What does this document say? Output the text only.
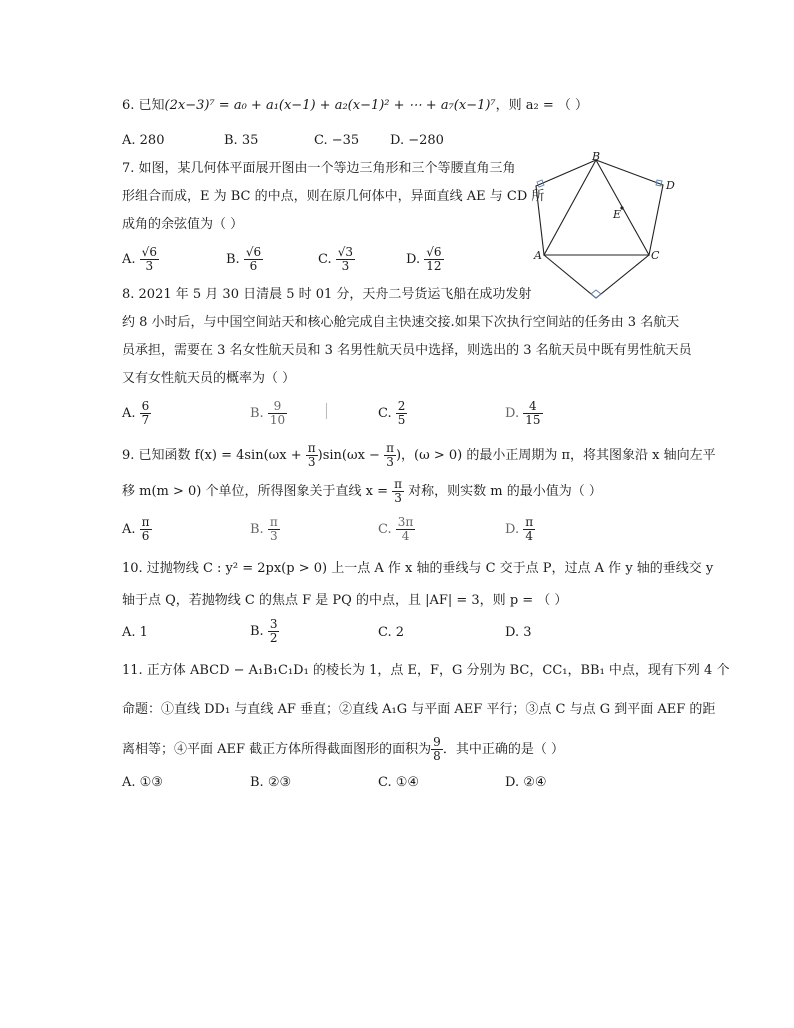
6. 已知(2x−3)⁷ = a₀ + a₁(x−1) + a₂(x−1)² + ⋯ + a₇(x−1)⁷，则 a₂ = （ ）
A. 280	B. 35	C. −35 D. −280
7. 如图，某几何体平面展开图由一个等边三角形和三个等腰直角三角
形组合而成，E 为 BC 的中点，则在原几何体中，异面直线 AE 与 CD 所
成角的余弦值为（ ）
A. $\frac{√6}{3}$	B. $\frac{√6}{6}$	C. $\frac{√3}{3}$	D. $\frac{√6}{12}$
B
D
E
A	C
8. 2021 年 5 月 30 日清晨 5 时 01 分，天舟二号货运飞船在成功发射
约 8 小时后，与中国空间站天和核心舱完成自主快速交接.如果下次执行空间站的任务由 3 名航天
员承担，需要在 3 名女性航天员和 3 名男性航天员中选择，则选出的 3 名航天员中既有男性航天员
又有女性航天员的概率为（ ）
A. $\frac{6}{7}$	B. $\frac{9}{10}$	C. $\frac{2}{5}$	D. $\frac{4}{15}$
9. 已知函数 $f(x) = 4\sin(\omega x + \frac{\pi}{3} )\sin(\omega x - \frac{\pi}{3}$ )，(ω > 0) 的最小正周期为 π，将其图象沿 x 轴向左平
移 m(m > 0) 个单位，所得图象关于直线 $x = \frac{\pi}{3}$ 对称，则实数 m 的最小值为（ ）
A. $\frac{\pi}{6}$	B. $\frac{\pi}{3}$	C. $\frac{3\pi}{4}$	D. $\frac{\pi}{4}$
10. 过抛物线 C : y² = 2px(p > 0) 上一点 A 作 x 轴的垂线与 C 交于点 P，过点 A 作 y 轴的垂线交 y
轴于点 Q，若抛物线 C 的焦点 F 是 PQ 的中点，且 |AF| = 3，则 p = （ ）
A. 1	B. $\frac{3}{2}$	C. 2	D. 3
11. 正方体 ABCD − A₁B₁C₁D₁ 的棱长为 1，点 E，F，G 分别为 BC，CC₁，BB₁ 中点，现有下列 4 个
命题：①直线 DD₁ 与直线 AF 垂直；②直线 A₁G 与平面 AEF 平行；③点 C 与点 G 到平面 AEF 的距
离相等；④平面 AEF 截正方体所得截面图形的面积为 $\frac{9}{8}$ ．其中正确的是（ ）
A. ①③	B. ②③	C. ①④	D. ②④
